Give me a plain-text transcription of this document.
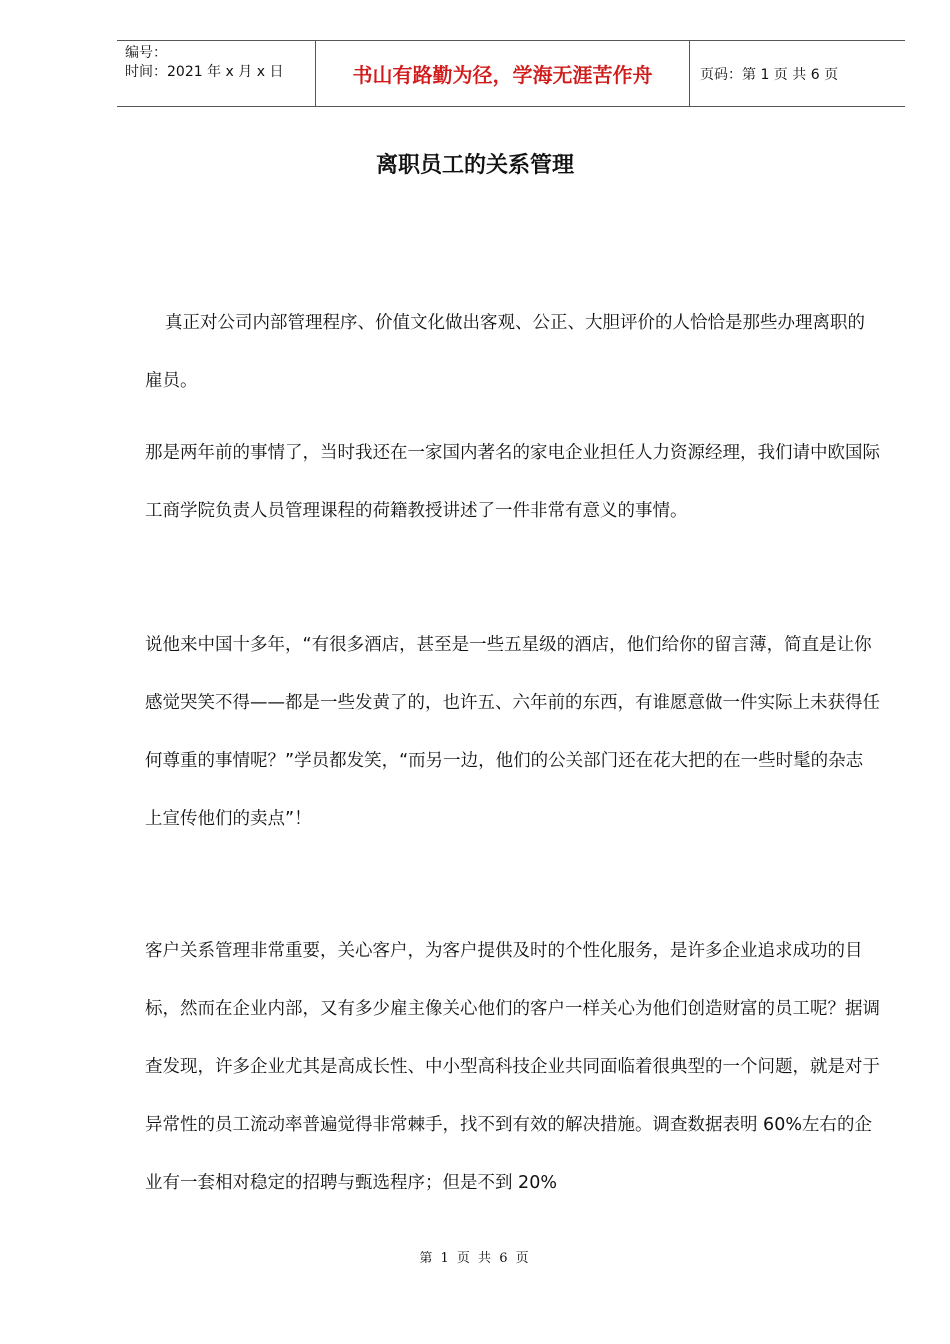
编号：
时间：2021 年 x 月 x 日	书山有路勤为径，学海无涯苦作舟	页码：第 1 页 共 6 页
离职员工的关系管理

真正对公司内部管理程序、价值文化做出客观、公正、大胆评价的人恰恰是那些办理离职的雇员。

那是两年前的事情了，当时我还在一家国内著名的家电企业担任人力资源经理，我们请中欧国际工商学院负责人员管理课程的荷籍教授讲述了一件非常有意义的事情。

说他来中国十多年，“有很多酒店，甚至是一些五星级的酒店，他们给你的留言薄，简直是让你感觉哭笑不得——都是一些发黄了的，也许五、六年前的东西，有谁愿意做一件实际上未获得任何尊重的事情呢？”学员都发笑，“而另一边，他们的公关部门还在花大把的在一些时髦的杂志上宣传他们的卖点”！

客户关系管理非常重要，关心客户，为客户提供及时的个性化服务，是许多企业追求成功的目标，然而在企业内部，又有多少雇主像关心他们的客户一样关心为他们创造财富的员工呢？据调查发现，许多企业尤其是高成长性、中小型高科技企业共同面临着很典型的一个问题，就是对于异常性的员工流动率普遍觉得非常棘手，找不到有效的解决措施。调查数据表明 60%左右的企业有一套相对稳定的招聘与甄选程序；但是不到 20%

第 1 页 共 6 页
